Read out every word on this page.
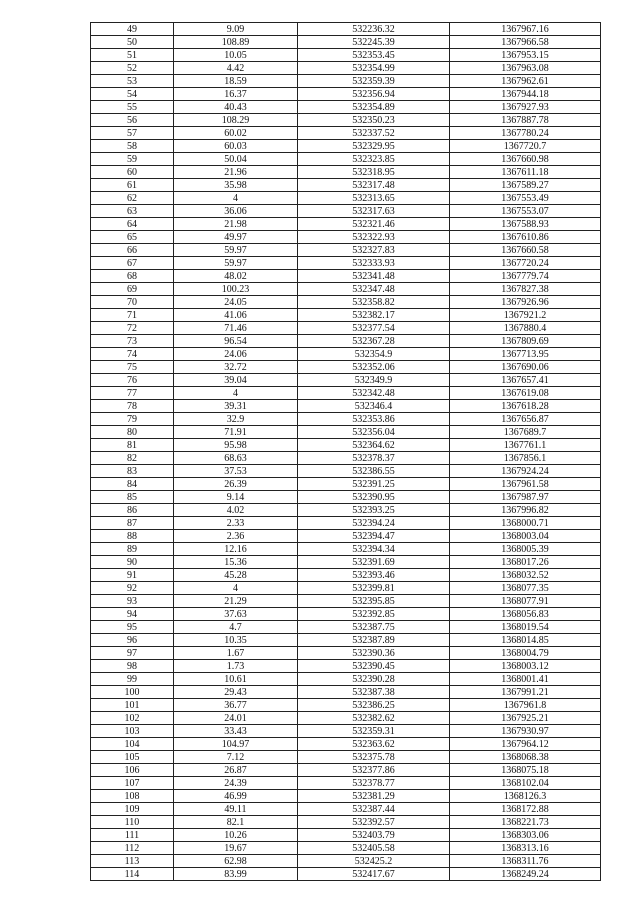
49	9.09	532236.32	1367967.16
50	108.89	532245.39	1367966.58
51	10.05	532353.45	1367953.15
52	4.42	532354.99	1367963.08
53	18.59	532359.39	1367962.61
54	16.37	532356.94	1367944.18
55	40.43	532354.89	1367927.93
56	108.29	532350.23	1367887.78
57	60.02	532337.52	1367780.24
58	60.03	532329.95	1367720.7
59	50.04	532323.85	1367660.98
60	21.96	532318.95	1367611.18
61	35.98	532317.48	1367589.27
62	4	532313.65	1367553.49
63	36.06	532317.63	1367553.07
64	21.98	532321.46	1367588.93
65	49.97	532322.93	1367610.86
66	59.97	532327.83	1367660.58
67	59.97	532333.93	1367720.24
68	48.02	532341.48	1367779.74
69	100.23	532347.48	1367827.38
70	24.05	532358.82	1367926.96
71	41.06	532382.17	1367921.2
72	71.46	532377.54	1367880.4
73	96.54	532367.28	1367809.69
74	24.06	532354.9	1367713.95
75	32.72	532352.06	1367690.06
76	39.04	532349.9	1367657.41
77	4	532342.48	1367619.08
78	39.31	532346.4	1367618.28
79	32.9	532353.86	1367656.87
80	71.91	532356.04	1367689.7
81	95.98	532364.62	1367761.1
82	68.63	532378.37	1367856.1
83	37.53	532386.55	1367924.24
84	26.39	532391.25	1367961.58
85	9.14	532390.95	1367987.97
86	4.02	532393.25	1367996.82
87	2.33	532394.24	1368000.71
88	2.36	532394.47	1368003.04
89	12.16	532394.34	1368005.39
90	15.36	532391.69	1368017.26
91	45.28	532393.46	1368032.52
92	4	532399.81	1368077.35
93	21.29	532395.85	1368077.91
94	37.63	532392.85	1368056.83
95	4.7	532387.75	1368019.54
96	10.35	532387.89	1368014.85
97	1.67	532390.36	1368004.79
98	1.73	532390.45	1368003.12
99	10.61	532390.28	1368001.41
100	29.43	532387.38	1367991.21
101	36.77	532386.25	1367961.8
102	24.01	532382.62	1367925.21
103	33.43	532359.31	1367930.97
104	104.97	532363.62	1367964.12
105	7.12	532375.78	1368068.38
106	26.87	532377.86	1368075.18
107	24.39	532378.77	1368102.04
108	46.99	532381.29	1368126.3
109	49.11	532387.44	1368172.88
110	82.1	532392.57	1368221.73
111	10.26	532403.79	1368303.06
112	19.67	532405.58	1368313.16
113	62.98	532425.2	1368311.76
114	83.99	532417.67	1368249.24
